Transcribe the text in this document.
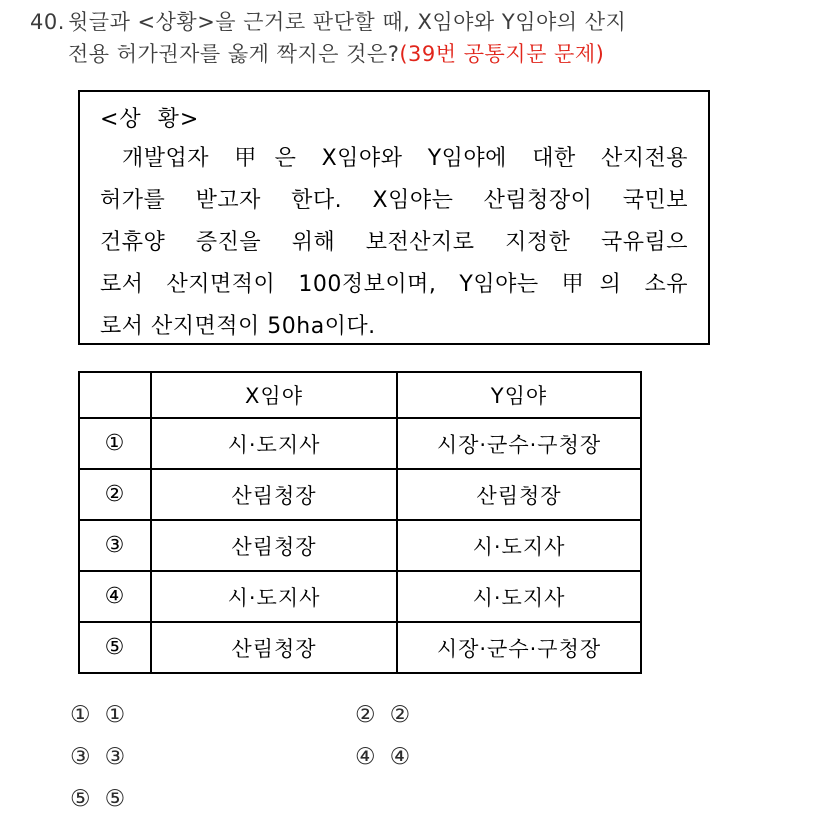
40. 윗글과 <상황>을 근거로 판단할 때, X임야와 Y임야의 산지
전용 허가권자를 옳게 짝지은 것은?(39번 공통지문 문제)
<상  황>
개발업자 甲은 X임야와 Y임야에 대한 산지전용
허가를 받고자 한다. X임야는 산림청장이 국민보
건휴양 증진을 위해 보전산지로 지정한 국유림으
로서 산지면적이 100정보이며, Y임야는 甲의 소유
로서 산지면적이 50ha이다.
	X임야	Y임야
①	시·도지사	시장·군수·구청장
②	산림청장	산림청장
③	산림청장	시·도지사
④	시·도지사	시·도지사
⑤	산림청장	시장·군수·구청장
① ①	② ②
③ ③	④ ④
⑤ ⑤
